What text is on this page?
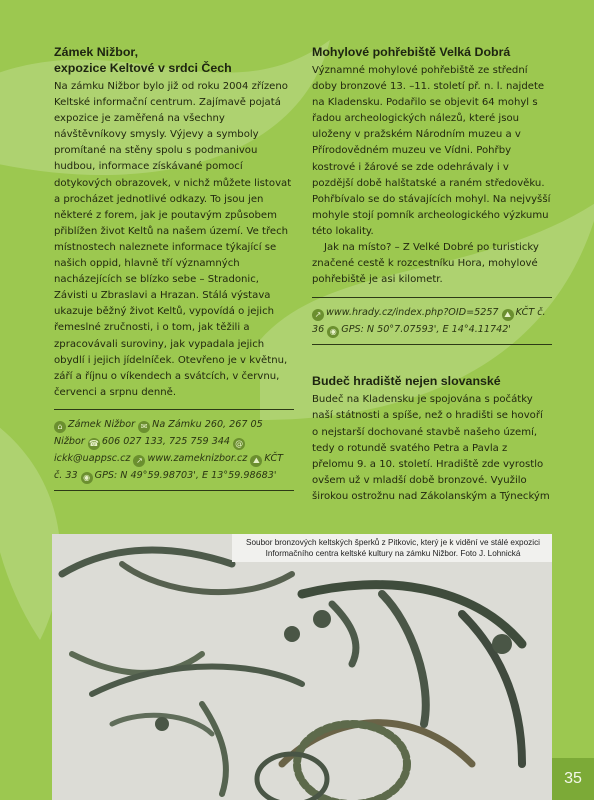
Zámek Nižbor,
expozice Keltové v srdci Čech

Na zámku Nižbor bylo již od roku 2004 zřízeno Keltské informační centrum. Zajímavě pojatá expozice je zaměřená na všechny návštěvníkovy smysly. Výjevy a symboly promítané na stěny spolu s podmanivou hudbou, informace získávané pomocí dotykových obrazovek, v nichž můžete listovat a procházet jednotlivé odkazy. To jsou jen některé z forem, jak je poutavým způsobem přiblížen život Keltů na našem území. Ve třech místnostech naleznete informace týkající se našich oppid, hlavně tří významných nacházejících se blízko sebe – Stradonic, Závisti u Zbraslavi a Hrazan. Stálá výstava ukazuje běžný život Keltů, vypovídá o jejich řemeslné zručnosti, i o tom, jak těžili a zpracovávali suroviny, jak vypadala jejich obydlí i jejich jídelníček. Otevřeno je v květnu, září a říjnu o víkendech a svátcích, v červnu, červenci a srpnu denně.

⌂ Zámek Nižbor ✉ Na Zámku 260, 267 05 Nižbor ☎ 606 027 133, 725 759 344 @ickk@uappsc.cz ↗ www.zameknizbor.cz ⛰ KČT č. 33 ◉ GPS: N 49°59.98703', E 13°59.98683'
Mohylové pohřebiště Velká Dobrá

Významné mohylové pohřebiště ze střední doby bronzové 13. –11. století př. n. l. najdete na Kladensku. Podařilo se objevit 64 mohyl s řadou archeologických nálezů, které jsou uloženy v pražském Národním muzeu a v Přírodovědném muzeu ve Vídni. Pohřby kostrové i žárové se zde odehrávaly i v pozdější době halštatské a raném středověku. Pohřbívalo se do stávajících mohyl. Na nejvyšší mohyle stojí pomník archeologického výzkumu této lokality.

Jak na místo? – Z Velké Dobré po turisticky značené cestě k rozcestníku Hora, mohylové pohřebiště je asi kilometr.

↗ www.hrady.cz/index.php?OID=5257 ⛰ KČT č. 36 ◉ GPS: N 50°7.07593', E 14°4.11742'
Budeč hradiště nejen slovanské

Budeč na Kladensku je spojována s počátky naší státnosti a spíše, než o hradišti se hovoří o nejstarší dochované stavbě našeho území, tedy o rotundě svatého Petra a Pavla z přelomu 9. a 10. století. Hradiště zde vyrostlo ovšem už v mladší době bronzové. Využilo širokou ostrožnu nad Zákolanským a Týneckým

Soubor bronzových keltských šperků z Pitkovic, který je k vidění ve stálé expozici Informačního centra keltské kultury na zámku Nižbor. Foto J. Lohnická
35
